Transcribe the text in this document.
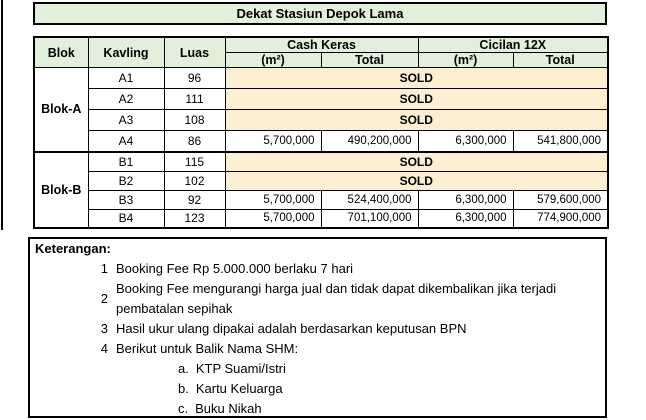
Dekat Stasiun Depok Lama
Blok	Kavling	Luas	Cash Keras		Cicilan 12X	
			(m²)	Total	(m²)	Total
Blok-A	A1	96	SOLD			
	A2	111	SOLD			
	A3	108	SOLD			
	A4	86	5,700,000	490,200,000	6,300,000	541,800,000
Blok-B	B1	115	SOLD			
	B2	102	SOLD			
	B3	92	5,700,000	524,400,000	6,300,000	579,600,000
	B4	123	5,700,000	701,100,000	6,300,000	774,900,000
Keterangan:
1 Booking Fee Rp 5.000.000 berlaku 7 hari
2
Booking Fee mengurangi harga jual dan tidak dapat dikembalikan jika terjadi pembatalan sepihak
3 Hasil ukur ulang dipakai adalah berdasarkan keputusan BPN
4 Berikut untuk Balik Nama SHM:
a. KTP Suami/Istri
b. Kartu Keluarga
c. Buku Nikah
